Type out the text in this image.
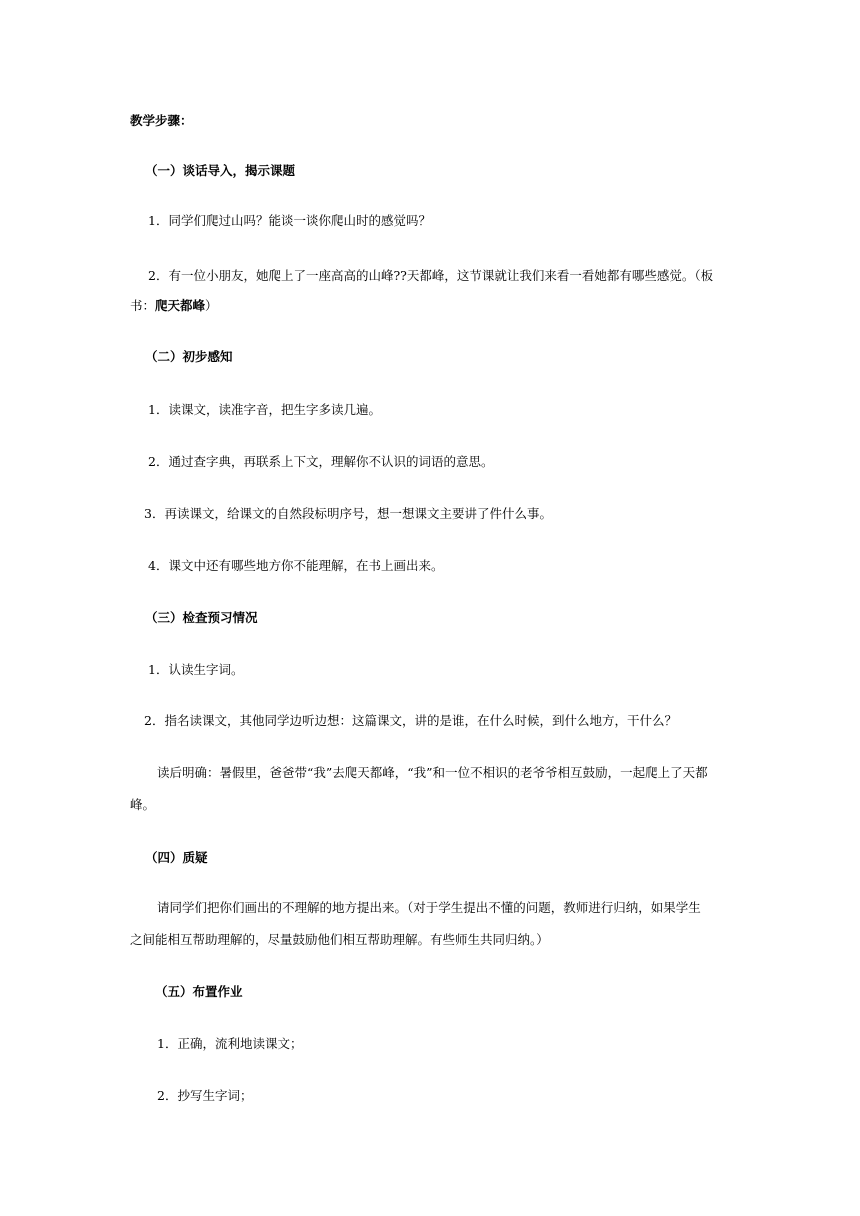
教学步骤：
（一）谈话导入，揭示课题
1．同学们爬过山吗？能谈一谈你爬山时的感觉吗？
2．有一位小朋友，她爬上了一座高高的山峰??天都峰，这节课就让我们来看一看她都有哪些感觉。（板
书：爬天都峰）
（二）初步感知
1．读课文，读准字音，把生字多读几遍。
2．通过查字典，再联系上下文，理解你不认识的词语的意思。
3．再读课文，给课文的自然段标明序号，想一想课文主要讲了件什么事。
4．课文中还有哪些地方你不能理解，在书上画出来。
（三）检查预习情况
1．认读生字词。
2．指名读课文，其他同学边听边想：这篇课文，讲的是谁，在什么时候，到什么地方，干什么？
读后明确：暑假里，爸爸带“我”去爬天都峰，“我”和一位不相识的老爷爷相互鼓励，一起爬上了天都
峰。
（四）质疑
请同学们把你们画出的不理解的地方提出来。（对于学生提出不懂的问题，教师进行归纳，如果学生
之间能相互帮助理解的，尽量鼓励他们相互帮助理解。有些师生共同归纳。）
（五）布置作业
1．正确，流利地读课文；
2．抄写生字词；
